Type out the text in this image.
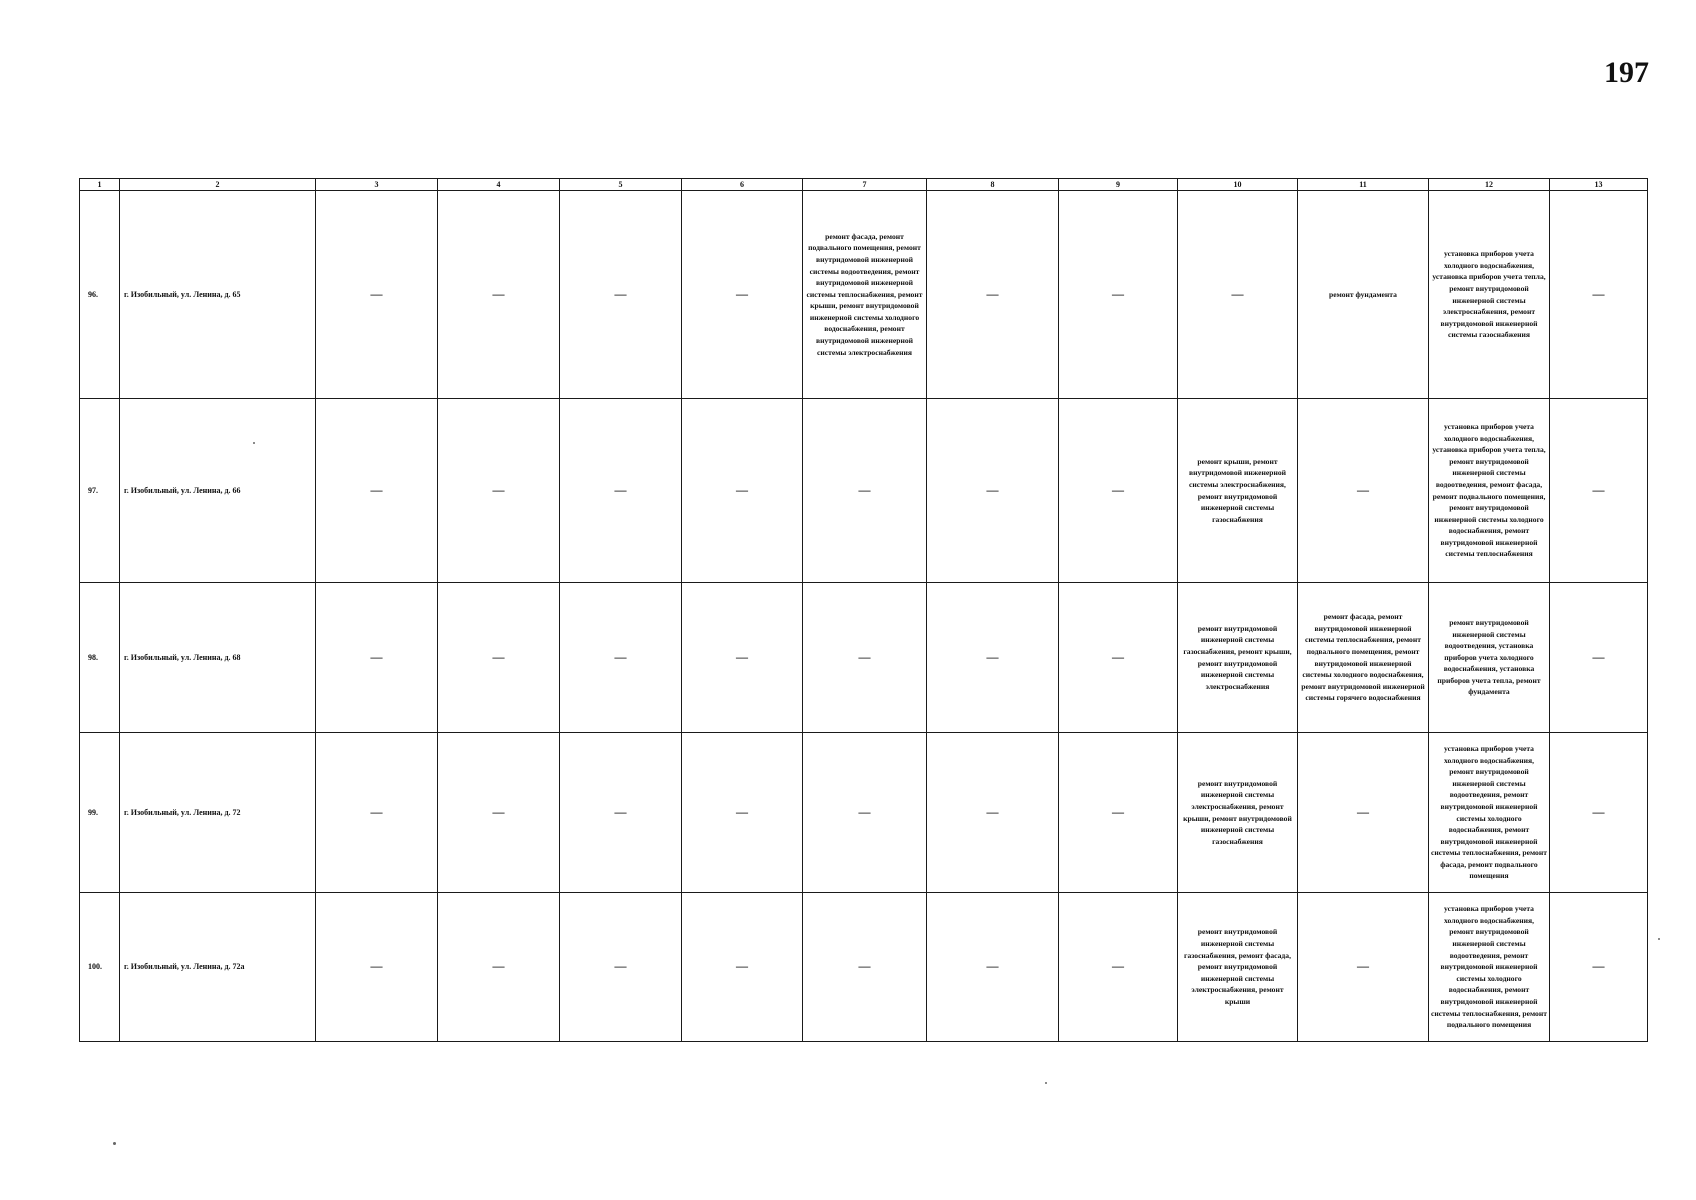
197
1	2	3	4	5	6	7	8	9	10	11	12	13
96.	г. Изобильный, ул. Ленина, д. 65	—	—	—	—	ремонт фасада, ремонт подвального помещения, ремонт внутридомовой инженерной системы водоотведения, ремонт внутридомовой инженерной системы теплоснабжения, ремонт крыши, ремонт внутридомовой инженерной системы холодного водоснабжения, ремонт внутридомовой инженерной системы электроснабжения	—	—	—	ремонт фундамента	установка приборов учета холодного водоснабжения, установка приборов учета тепла, ремонт внутридомовой инженерной системы электроснабжения, ремонт внутридомовой инженерной системы газоснабжения	—
97.	г. Изобильный, ул. Ленина, д. 66	—	—	—	—	—	—	—	ремонт крыши, ремонт внутридомовой инженерной системы электроснабжения, ремонт внутридомовой инженерной системы газоснабжения	—	установка приборов учета холодного водоснабжения, установка приборов учета тепла, ремонт внутридомовой инженерной системы водоотведения, ремонт фасада, ремонт подвального помещения, ремонт внутридомовой инженерной системы холодного водоснабжения, ремонт внутридомовой инженерной системы теплоснабжения	—
98.	г. Изобильный, ул. Ленина, д. 68	—	—	—	—	—	—	—	ремонт внутридомовой инженерной системы газоснабжения, ремонт крыши, ремонт внутридомовой инженерной системы электроснабжения	ремонт фасада, ремонт внутридомовой инженерной системы теплоснабжения, ремонт подвального помещения, ремонт внутридомовой инженерной системы холодного водоснабжения, ремонт внутридомовой инженерной системы горячего водоснабжения	ремонт внутридомовой инженерной системы водоотведения, установка приборов учета холодного водоснабжения, установка приборов учета тепла, ремонт фундамента	—
99.	г. Изобильный, ул. Ленина, д. 72	—	—	—	—	—	—	—	ремонт внутридомовой инженерной системы электроснабжения, ремонт крыши, ремонт внутридомовой инженерной системы газоснабжения	—	установка приборов учета холодного водоснабжения, ремонт внутридомовой инженерной системы водоотведения, ремонт внутридомовой инженерной системы холодного водоснабжения, ремонт внутридомовой инженерной системы теплоснабжения, ремонт фасада, ремонт подвального помещения	—
100.	г. Изобильный, ул. Ленина, д. 72а	—	—	—	—	—	—	—	ремонт внутридомовой инженерной системы газоснабжения, ремонт фасада, ремонт внутридомовой инженерной системы электроснабжения, ремонт крыши	—	установка приборов учета холодного водоснабжения, ремонт внутридомовой инженерной системы водоотведения, ремонт внутридомовой инженерной системы холодного водоснабжения, ремонт внутридомовой инженерной системы теплоснабжения, ремонт подвального помещения	—
